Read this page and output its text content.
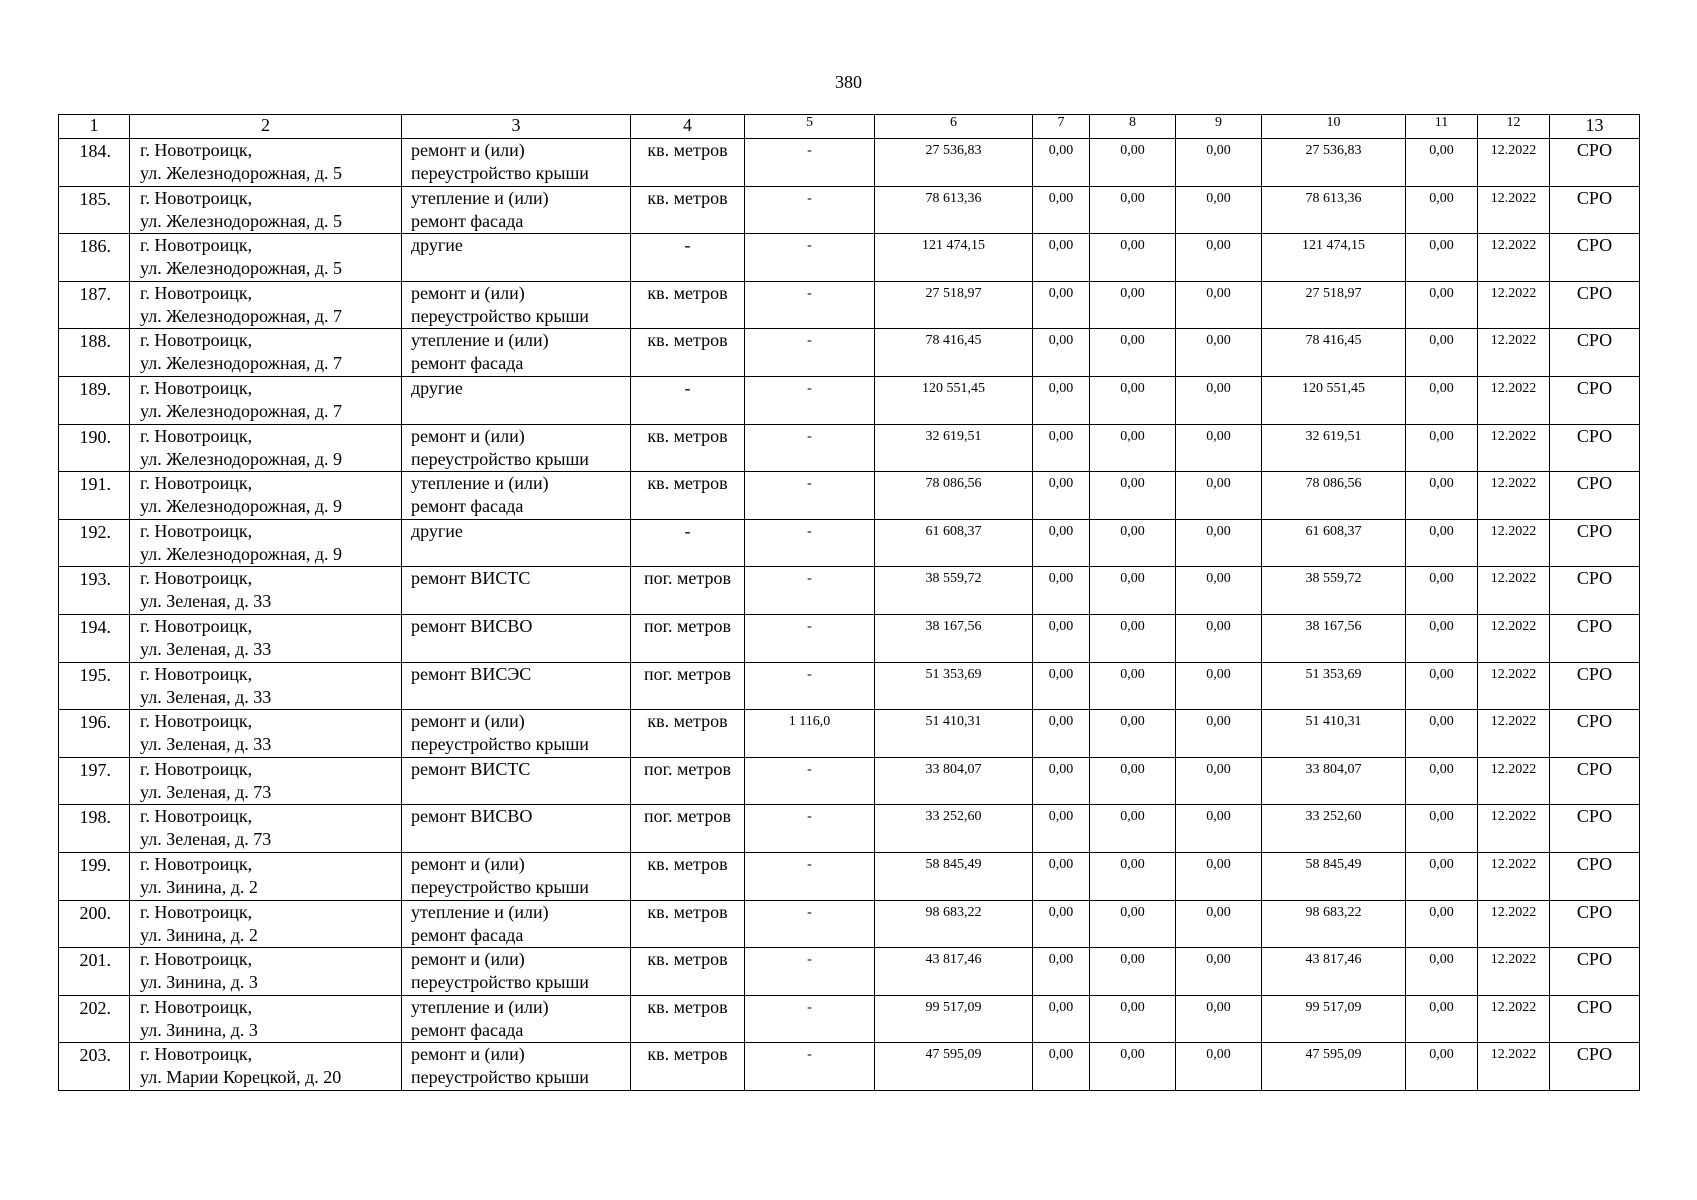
380
1	2	3	4	5	6	7	8	9	10	11	12	13

184.	г. Новотроицк,
ул. Железнодорожная, д. 5	ремонт и (или)
переустройство крыши	кв. метров	-	27 536,83	0,00	0,00	0,00	27 536,83	0,00	12.2022	СРО

185.	г. Новотроицк,
ул. Железнодорожная, д. 5	утепление и (или)
ремонт фасада	кв. метров	-	78 613,36	0,00	0,00	0,00	78 613,36	0,00	12.2022	СРО

186.	г. Новотроицк,
ул. Железнодорожная, д. 5	другие	-	-	121 474,15	0,00	0,00	0,00	121 474,15	0,00	12.2022	СРО

187.	г. Новотроицк,
ул. Железнодорожная, д. 7	ремонт и (или)
переустройство крыши	кв. метров	-	27 518,97	0,00	0,00	0,00	27 518,97	0,00	12.2022	СРО

188.	г. Новотроицк,
ул. Железнодорожная, д. 7	утепление и (или)
ремонт фасада	кв. метров	-	78 416,45	0,00	0,00	0,00	78 416,45	0,00	12.2022	СРО

189.	г. Новотроицк,
ул. Железнодорожная, д. 7	другие	-	-	120 551,45	0,00	0,00	0,00	120 551,45	0,00	12.2022	СРО

190.	г. Новотроицк,
ул. Железнодорожная, д. 9	ремонт и (или)
переустройство крыши	кв. метров	-	32 619,51	0,00	0,00	0,00	32 619,51	0,00	12.2022	СРО

191.	г. Новотроицк,
ул. Железнодорожная, д. 9	утепление и (или)
ремонт фасада	кв. метров	-	78 086,56	0,00	0,00	0,00	78 086,56	0,00	12.2022	СРО

192.	г. Новотроицк,
ул. Железнодорожная, д. 9	другие	-	-	61 608,37	0,00	0,00	0,00	61 608,37	0,00	12.2022	СРО

193.	г. Новотроицк,
ул. Зеленая, д. 33	ремонт ВИСТС	пог. метров	-	38 559,72	0,00	0,00	0,00	38 559,72	0,00	12.2022	СРО

194.	г. Новотроицк,
ул. Зеленая, д. 33	ремонт ВИСВО	пог. метров	-	38 167,56	0,00	0,00	0,00	38 167,56	0,00	12.2022	СРО

195.	г. Новотроицк,
ул. Зеленая, д. 33	ремонт ВИСЭС	пог. метров	-	51 353,69	0,00	0,00	0,00	51 353,69	0,00	12.2022	СРО

196.	г. Новотроицк,
ул. Зеленая, д. 33	ремонт и (или)
переустройство крыши	кв. метров	1 116,0	51 410,31	0,00	0,00	0,00	51 410,31	0,00	12.2022	СРО

197.	г. Новотроицк,
ул. Зеленая, д. 73	ремонт ВИСТС	пог. метров	-	33 804,07	0,00	0,00	0,00	33 804,07	0,00	12.2022	СРО

198.	г. Новотроицк,
ул. Зеленая, д. 73	ремонт ВИСВО	пог. метров	-	33 252,60	0,00	0,00	0,00	33 252,60	0,00	12.2022	СРО

199.	г. Новотроицк,
ул. Зинина, д. 2	ремонт и (или)
переустройство крыши	кв. метров	-	58 845,49	0,00	0,00	0,00	58 845,49	0,00	12.2022	СРО

200.	г. Новотроицк,
ул. Зинина, д. 2	утепление и (или)
ремонт фасада	кв. метров	-	98 683,22	0,00	0,00	0,00	98 683,22	0,00	12.2022	СРО

201.	г. Новотроицк,
ул. Зинина, д. 3	ремонт и (или)
переустройство крыши	кв. метров	-	43 817,46	0,00	0,00	0,00	43 817,46	0,00	12.2022	СРО

202.	г. Новотроицк,
ул. Зинина, д. 3	утепление и (или)
ремонт фасада	кв. метров	-	99 517,09	0,00	0,00	0,00	99 517,09	0,00	12.2022	СРО

203.	г. Новотроицк,
ул. Марии Корецкой, д. 20	ремонт и (или)
переустройство крыши	кв. метров	-	47 595,09	0,00	0,00	0,00	47 595,09	0,00	12.2022	СРО
